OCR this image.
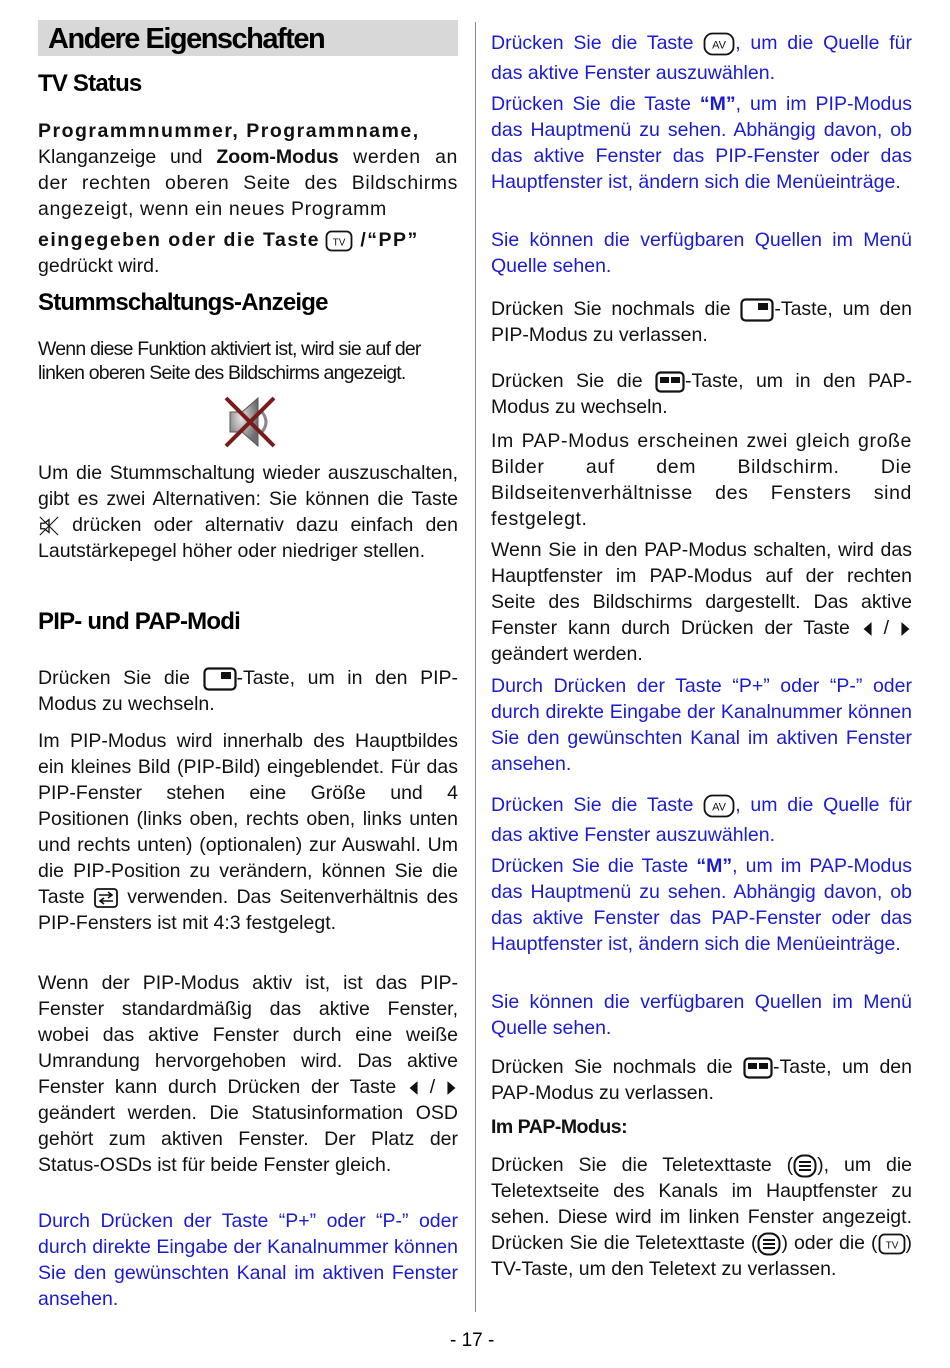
Andere Eigenschaften
TV Status

Programmnummer, Programmname,
Klanganzeige und Zoom-Modus werden an der rechten oberen Seite des Bildschirms angezeigt, wenn ein neues Programm

eingegeben oder die Taste  /“PP”
gedrückt wird.

Stummschaltungs-Anzeige

Wenn diese Funktion aktiviert ist, wird sie auf der linken oberen Seite des Bildschirms angezeigt.

Um die Stummschaltung wieder auszuschalten, gibt es zwei Alternativen: Sie können die Taste  drücken oder alternativ dazu einfach den Lautstärkepegel höher oder niedriger stellen.

PIP- und PAP-Modi

Drücken Sie die -Taste, um in den PIP-Modus zu wechseln.

Im PIP-Modus wird innerhalb des Hauptbildes ein kleines Bild (PIP-Bild) eingeblendet. Für das PIP-Fenster stehen eine Größe und 4 Positionen (links oben, rechts oben, links unten und rechts unten) (optionalen) zur Auswahl. Um die PIP-Position zu verändern, können Sie die Taste verwenden. Das Seitenverhältnis des PIP-Fensters ist mit 4:3 festgelegt.

Wenn der PIP-Modus aktiv ist, ist das PIP-Fenster standardmäßig das aktive Fenster, wobei das aktive Fenster durch eine weiße Umrandung hervorgehoben wird. Das aktive Fenster kann durch Drücken der Taste /  geändert werden. Die Statusinformation OSD gehört zum aktiven Fenster. Der Platz der Status-OSDs ist für beide Fenster gleich.

Durch Drücken der Taste “P+” oder “P-” oder durch direkte Eingabe der Kanalnummer können Sie den gewünschten Kanal im aktiven Fenster ansehen.

Drücken Sie die Taste , um die Quelle für das aktive Fenster auszuwählen.

Drücken Sie die Taste “M”, um im PIP-Modus das Hauptmenü zu sehen. Abhängig davon, ob das aktive Fenster das PIP-Fenster oder das Hauptfenster ist, ändern sich die Menüeinträge.

Sie können die verfügbaren Quellen im Menü Quelle sehen.

Drücken Sie nochmals die -Taste, um den PIP-Modus zu verlassen.

Drücken Sie die -Taste, um in den PAP-Modus zu wechseln.

Im PAP-Modus erscheinen zwei gleich große Bilder auf dem Bildschirm. Die Bildseitenverhältnisse des Fensters sind festgelegt.

Wenn Sie in den PAP-Modus schalten, wird das Hauptfenster im PAP-Modus auf der rechten Seite des Bildschirms dargestellt. Das aktive Fenster kann durch Drücken der Taste /  geändert werden.

Durch Drücken der Taste “P+” oder “P-” oder durch direkte Eingabe der Kanalnummer können Sie den gewünschten Kanal im aktiven Fenster ansehen.

Drücken Sie die Taste , um die Quelle für das aktive Fenster auszuwählen.

Drücken Sie die Taste “M”, um im PAP-Modus das Hauptmenü zu sehen. Abhängig davon, ob das aktive Fenster das PAP-Fenster oder das Hauptfenster ist, ändern sich die Menüeinträge.

Sie können die verfügbaren Quellen im Menü Quelle sehen.

Drücken Sie nochmals die -Taste, um den PAP-Modus zu verlassen.

Im PAP-Modus:

Drücken Sie die Teletexttaste ( ), um die Teletextseite des Kanals im Hauptfenster zu sehen. Diese wird im linken Fenster angezeigt. Drücken Sie die Teletexttaste ( ) oder die ( ) TV-Taste, um den Teletext zu verlassen.

- 17 -
